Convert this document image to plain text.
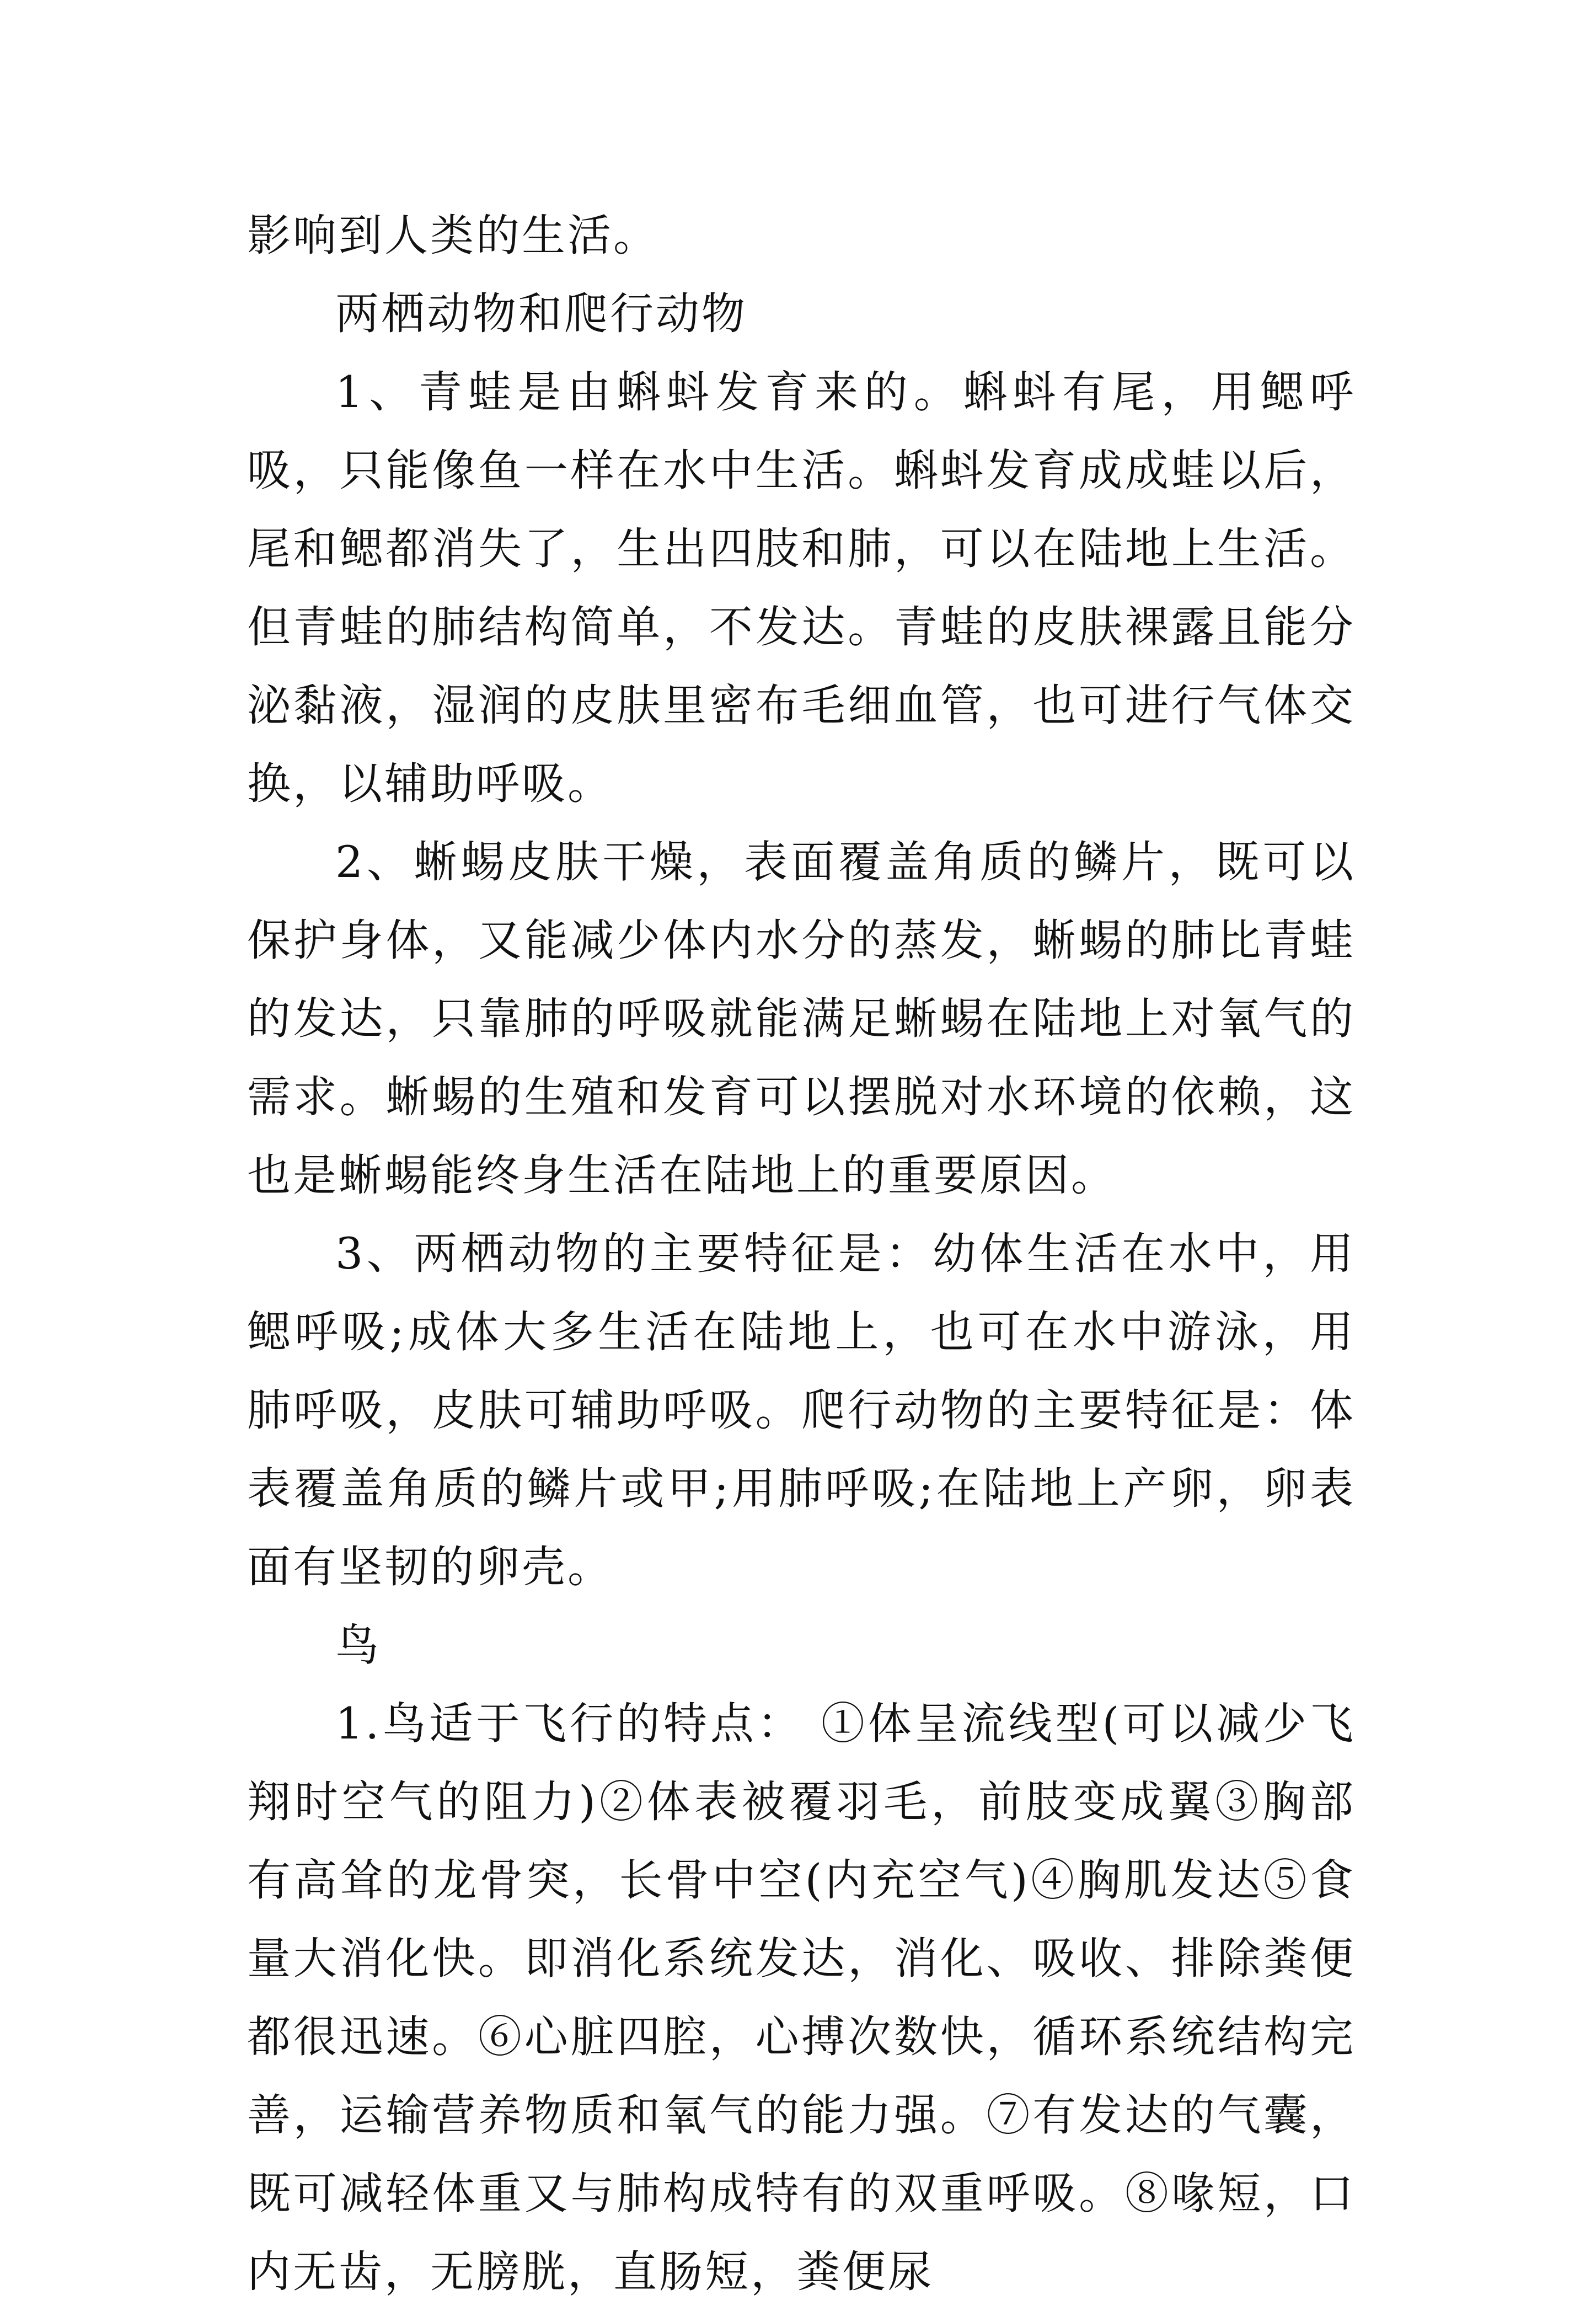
影响到人类的生活。

两栖动物和爬行动物

1、青蛙是由蝌蚪发育来的。蝌蚪有尾，用鳃呼吸，只能像鱼一样在水中生活。蝌蚪发育成成蛙以后，尾和鳃都消失了，生出四肢和肺，可以在陆地上生活。但青蛙的肺结构简单，不发达。青蛙的皮肤裸露且能分泌黏液，湿润的皮肤里密布毛细血管，也可进行气体交换，以辅助呼吸。

2、蜥蜴皮肤干燥，表面覆盖角质的鳞片，既可以保护身体，又能减少体内水分的蒸发，蜥蜴的肺比青蛙的发达，只靠肺的呼吸就能满足蜥蜴在陆地上对氧气的需求。蜥蜴的生殖和发育可以摆脱对水环境的依赖，这也是蜥蜴能终身生活在陆地上的重要原因。

3、两栖动物的主要特征是：幼体生活在水中，用鳃呼吸;成体大多生活在陆地上，也可在水中游泳，用肺呼吸，皮肤可辅助呼吸。爬行动物的主要特征是：体表覆盖角质的鳞片或甲;用肺呼吸;在陆地上产卵，卵表面有坚韧的卵壳。

鸟

1.鸟适于飞行的特点： ①体呈流线型(可以减少飞翔时空气的阻力)②体表被覆羽毛，前肢变成翼③胸部有高耸的龙骨突，长骨中空(内充空气)④胸肌发达⑤食量大消化快。即消化系统发达，消化、吸收、排除粪便都很迅速。⑥心脏四腔，心搏次数快，循环系统结构完善，运输营养物质和氧气的能力强。⑦有发达的气囊，既可减轻体重又与肺构成特有的双重呼吸。⑧喙短，口内无齿，无膀胱，直肠短，粪便尿
